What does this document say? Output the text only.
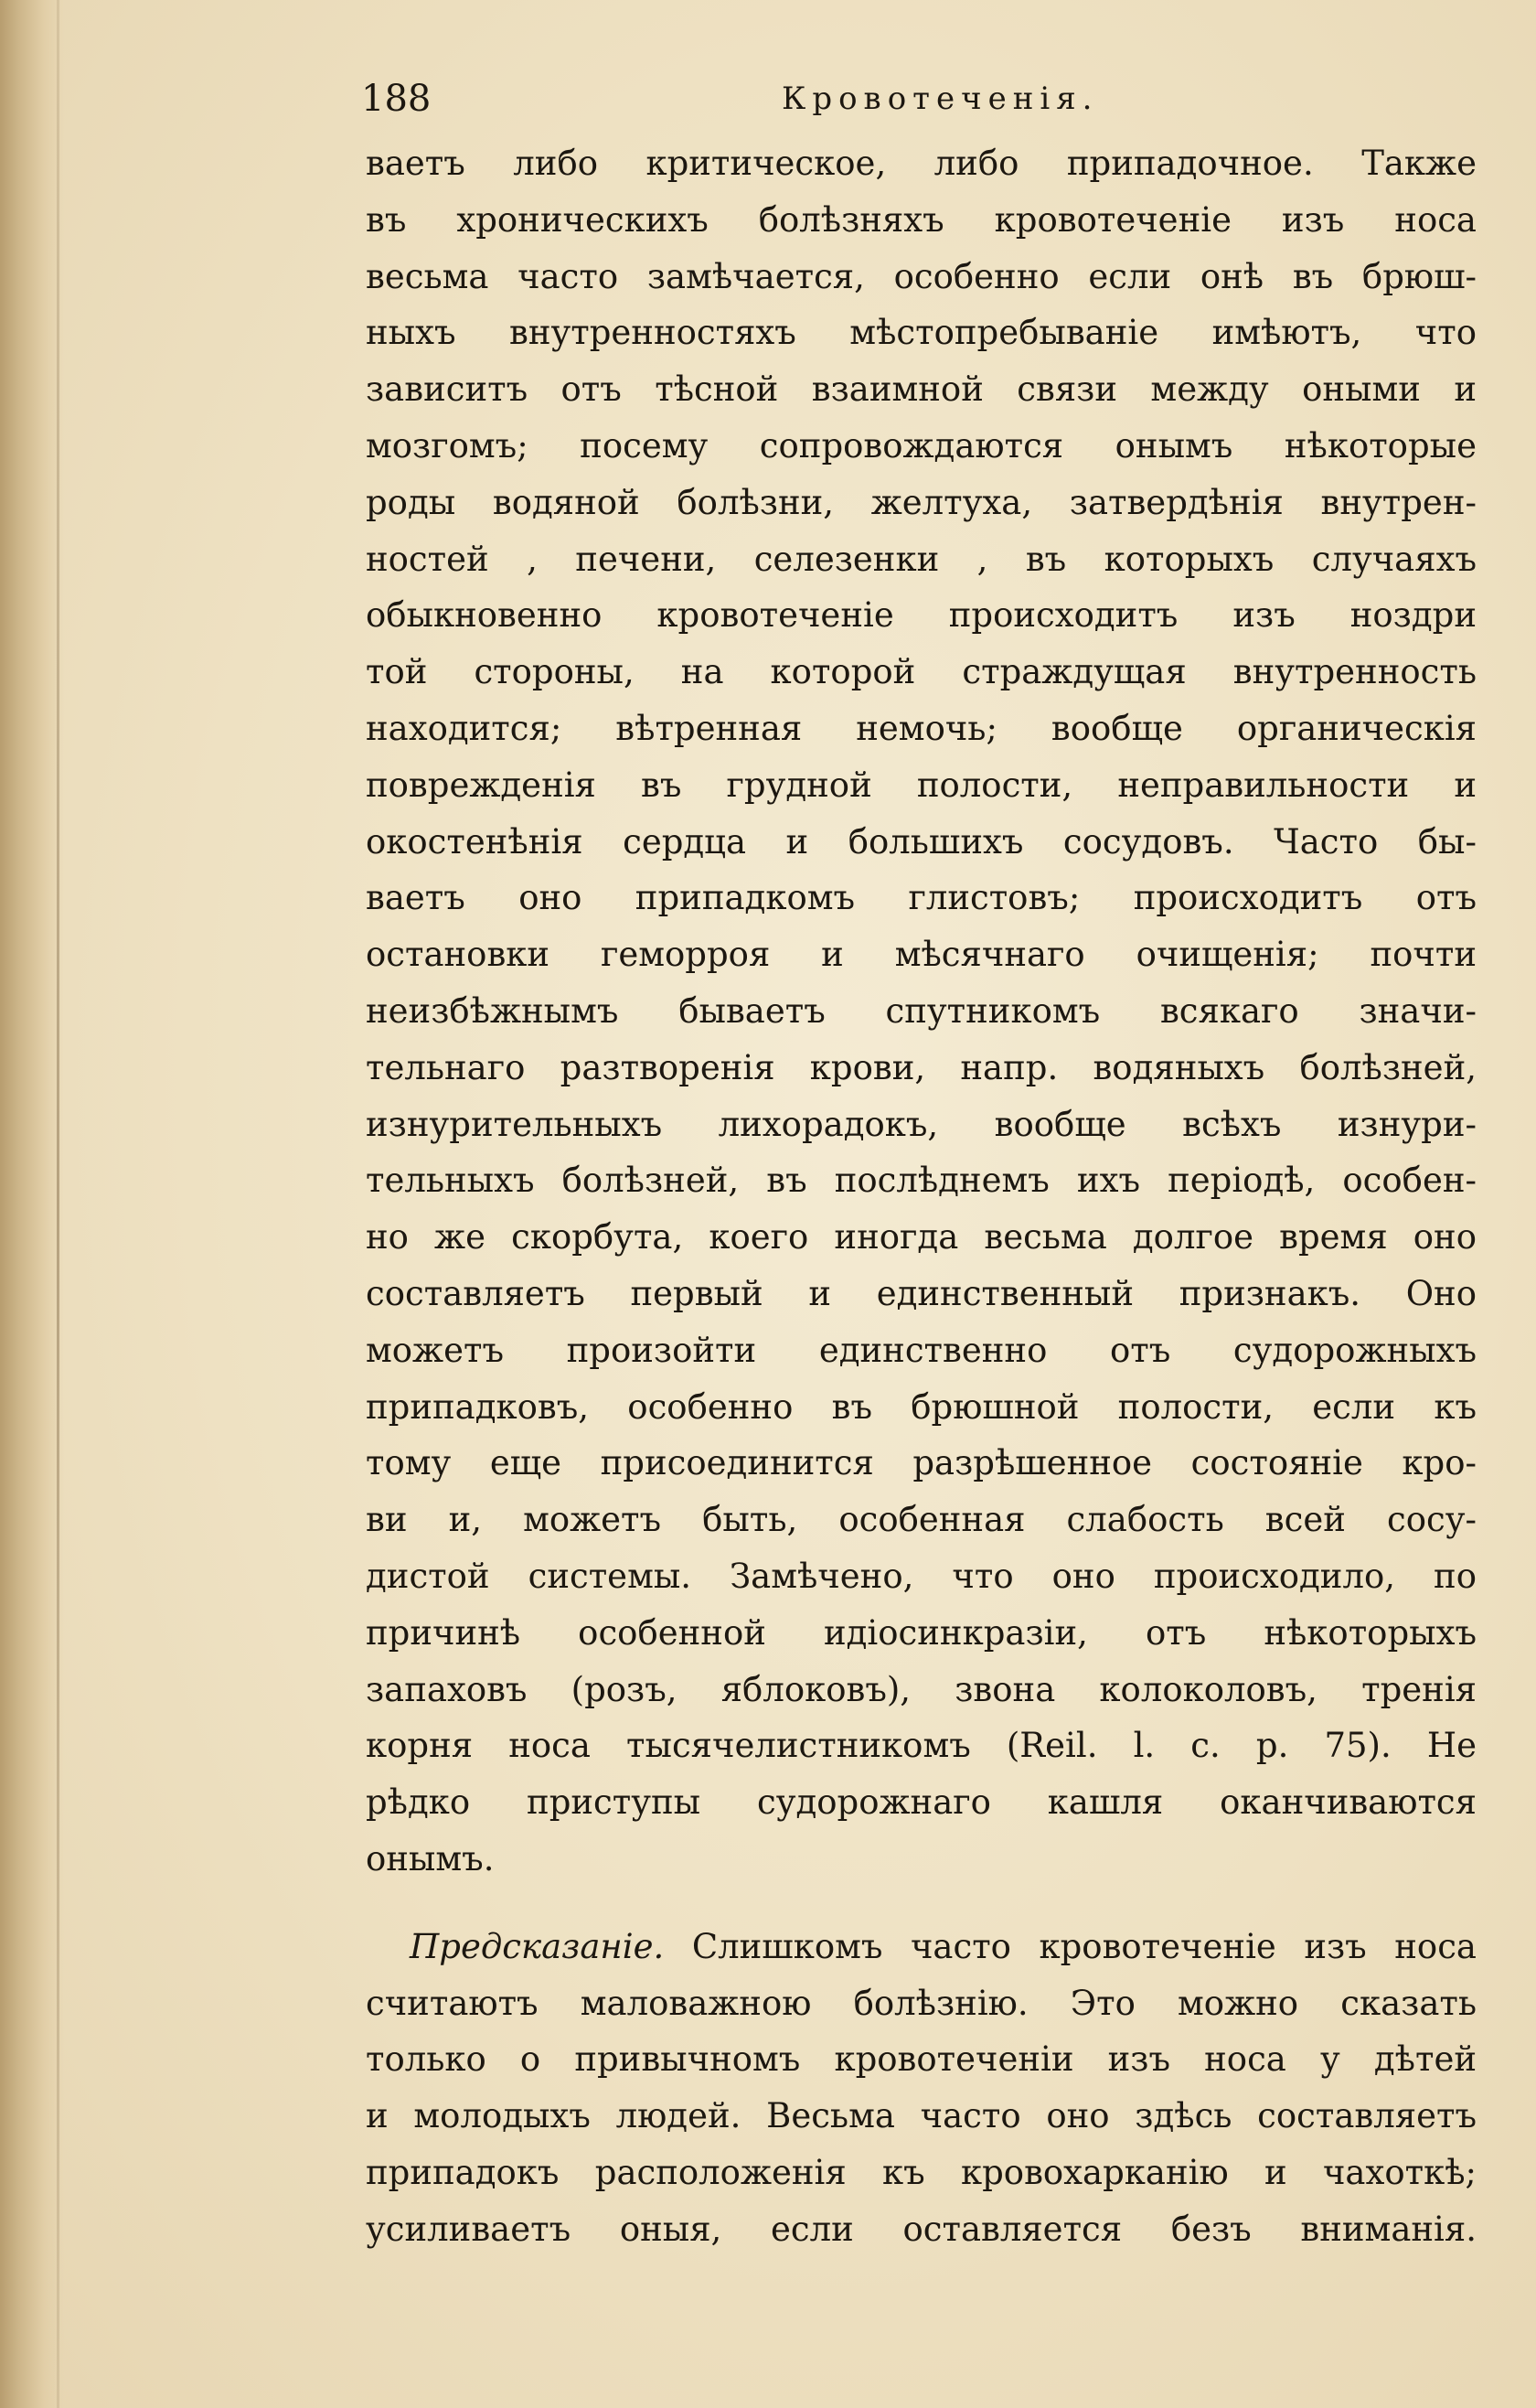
188	Кровотеченія.
ваетъ либо критическое, либо припадочное. Также
въ хроническихъ болѣзняхъ кровотеченіе изъ носа
весьма часто замѣчается, особенно если онѣ въ брюш-
ныхъ внутренностяхъ мѣстопребываніе имѣютъ, что
зависитъ отъ тѣсной взаимной связи между оными и
мозгомъ; посему сопровождаются онымъ нѣкоторые
роды водяной болѣзни, желтуха, затвердѣнія внутрен-
ностей , печени, селезенки , въ которыхъ случаяхъ
обыкновенно кровотеченіе происходитъ изъ ноздри
той стороны, на которой страждущая внутренность
находится; вѣтренная немочь; вообще органическія
поврежденія въ грудной полости, неправильности и
окостенѣнія сердца и большихъ сосудовъ. Часто бы-
ваетъ оно припадкомъ глистовъ; происходитъ отъ
остановки геморроя и мѣсячнаго очищенія; почти
неизбѣжнымъ бываетъ спутникомъ всякаго значи-
тельнаго разтворенія крови, напр. водяныхъ болѣзней,
изнурительныхъ лихорадокъ, вообще всѣхъ изнури-
тельныхъ болѣзней, въ послѣднемъ ихъ періодѣ, особен-
но же скорбута, коего иногда весьма долгое время оно
составляетъ первый и единственный признакъ. Оно
можетъ произойти единственно отъ судорожныхъ
припадковъ, особенно въ брюшной полости, если къ
тому еще присоединится разрѣшенное состояніе кро-
ви и, можетъ быть, особенная слабость всей сосу-
дистой системы. Замѣчено, что оно происходило, по
причинѣ особенной идіосинкразіи, отъ нѣкоторыхъ
запаховъ (розъ, яблоковъ), звона колоколовъ, тренія
корня носа тысячелистникомъ (Reil. l. c. p. 75). Не
рѣдко приступы судорожнаго кашля оканчиваются
онымъ.
Предсказаніе. Слишкомъ часто кровотеченіе изъ носа
считаютъ маловажною болѣзнію. Это можно сказать
только о привычномъ кровотеченіи изъ носа у дѣтей
и молодыхъ людей. Весьма часто оно здѣсь составляетъ
припадокъ расположенія къ кровохарканію и чахоткѣ;
усиливаетъ оныя, если оставляется безъ вниманія.
